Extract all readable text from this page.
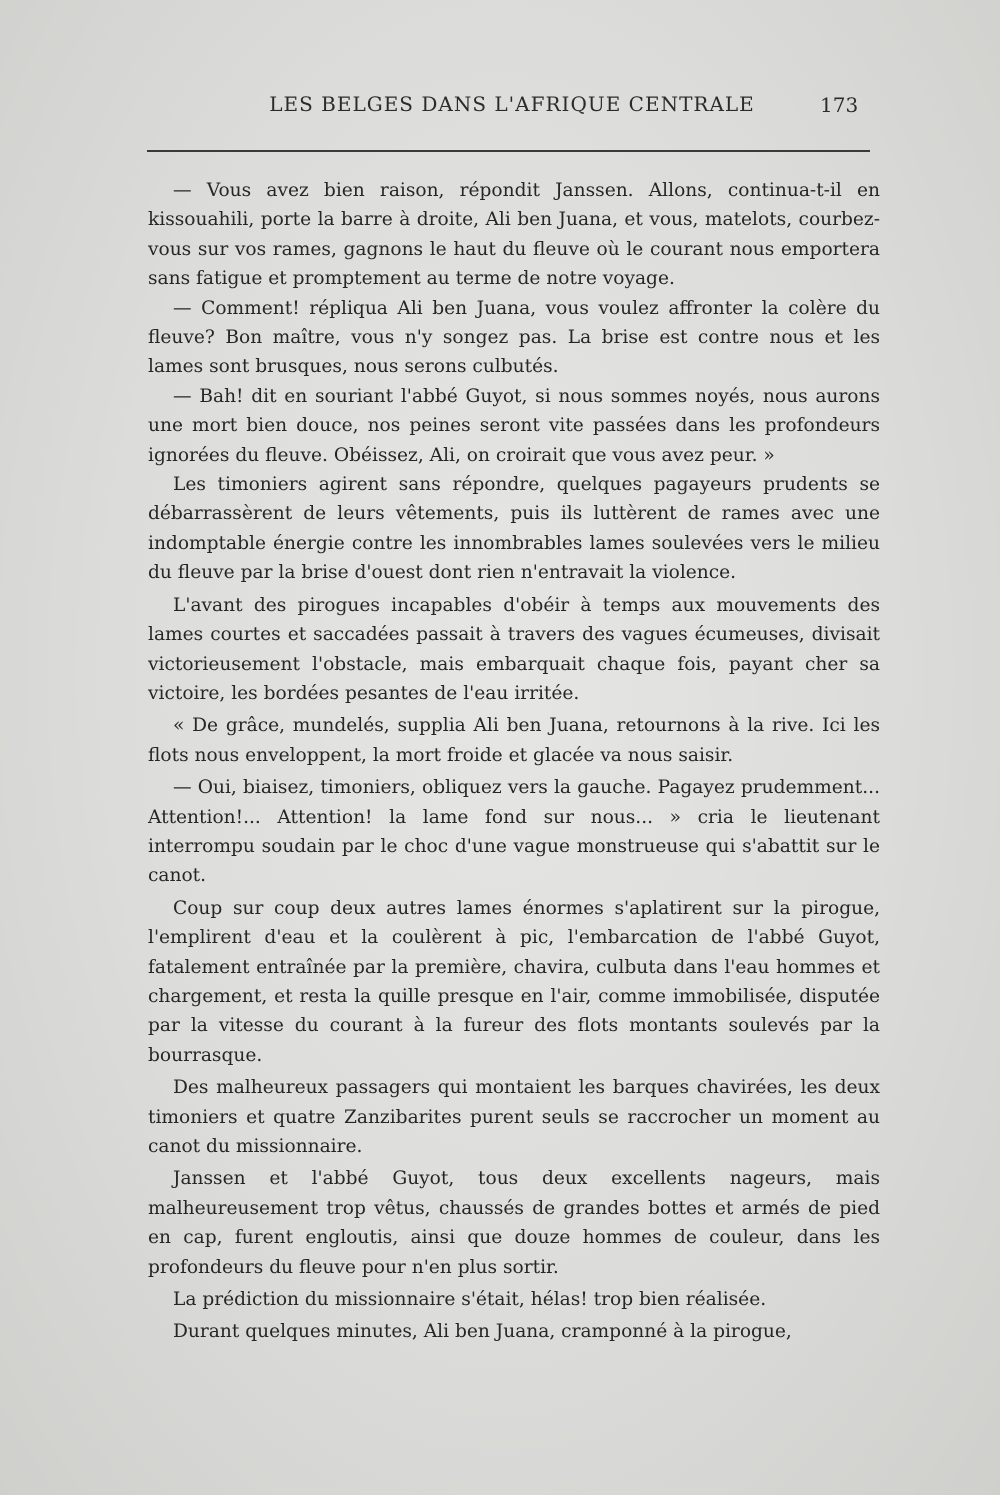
LES BELGES DANS L'AFRIQUE CENTRALE	173

— Vous avez bien raison, répondit Janssen. Allons, continua-t-il en kissouahili, porte la barre à droite, Ali ben Juana, et vous, matelots, courbez-vous sur vos rames, gagnons le haut du fleuve où le courant nous emportera sans fatigue et promptement au terme de notre voyage.

— Comment! répliqua Ali ben Juana, vous voulez affronter la colère du fleuve? Bon maître, vous n'y songez pas. La brise est contre nous et les lames sont brusques, nous serons culbutés.

— Bah! dit en souriant l'abbé Guyot, si nous sommes noyés, nous aurons une mort bien douce, nos peines seront vite passées dans les profondeurs ignorées du fleuve. Obéissez, Ali, on croirait que vous avez peur. »

Les timoniers agirent sans répondre, quelques pagayeurs prudents se débarrassèrent de leurs vêtements, puis ils luttèrent de rames avec une indomptable énergie contre les innombrables lames soulevées vers le milieu du fleuve par la brise d'ouest dont rien n'entravait la violence.

L'avant des pirogues incapables d'obéir à temps aux mouvements des lames courtes et saccadées passait à travers des vagues écumeuses, divisait victorieusement l'obstacle, mais embarquait chaque fois, payant cher sa victoire, les bordées pesantes de l'eau irritée.

« De grâce, mundelés, supplia Ali ben Juana, retournons à la rive. Ici les flots nous enveloppent, la mort froide et glacée va nous saisir.

— Oui, biaisez, timoniers, obliquez vers la gauche. Pagayez prudemment... Attention!... Attention! la lame fond sur nous... » cria le lieutenant interrompu soudain par le choc d'une vague monstrueuse qui s'abattit sur le canot.

Coup sur coup deux autres lames énormes s'aplatirent sur la pirogue, l'emplirent d'eau et la coulèrent à pic, l'embarcation de l'abbé Guyot, fatalement entraînée par la première, chavira, culbuta dans l'eau hommes et chargement, et resta la quille presque en l'air, comme immobilisée, disputée par la vitesse du courant à la fureur des flots montants soulevés par la bourrasque.

Des malheureux passagers qui montaient les barques chavirées, les deux timoniers et quatre Zanzibarites purent seuls se raccrocher un moment au canot du missionnaire.

Janssen et l'abbé Guyot, tous deux excellents nageurs, mais malheureusement trop vêtus, chaussés de grandes bottes et armés de pied en cap, furent engloutis, ainsi que douze hommes de couleur, dans les profondeurs du fleuve pour n'en plus sortir.

La prédiction du missionnaire s'était, hélas! trop bien réalisée.

Durant quelques minutes, Ali ben Juana, cramponné à la pirogue,
